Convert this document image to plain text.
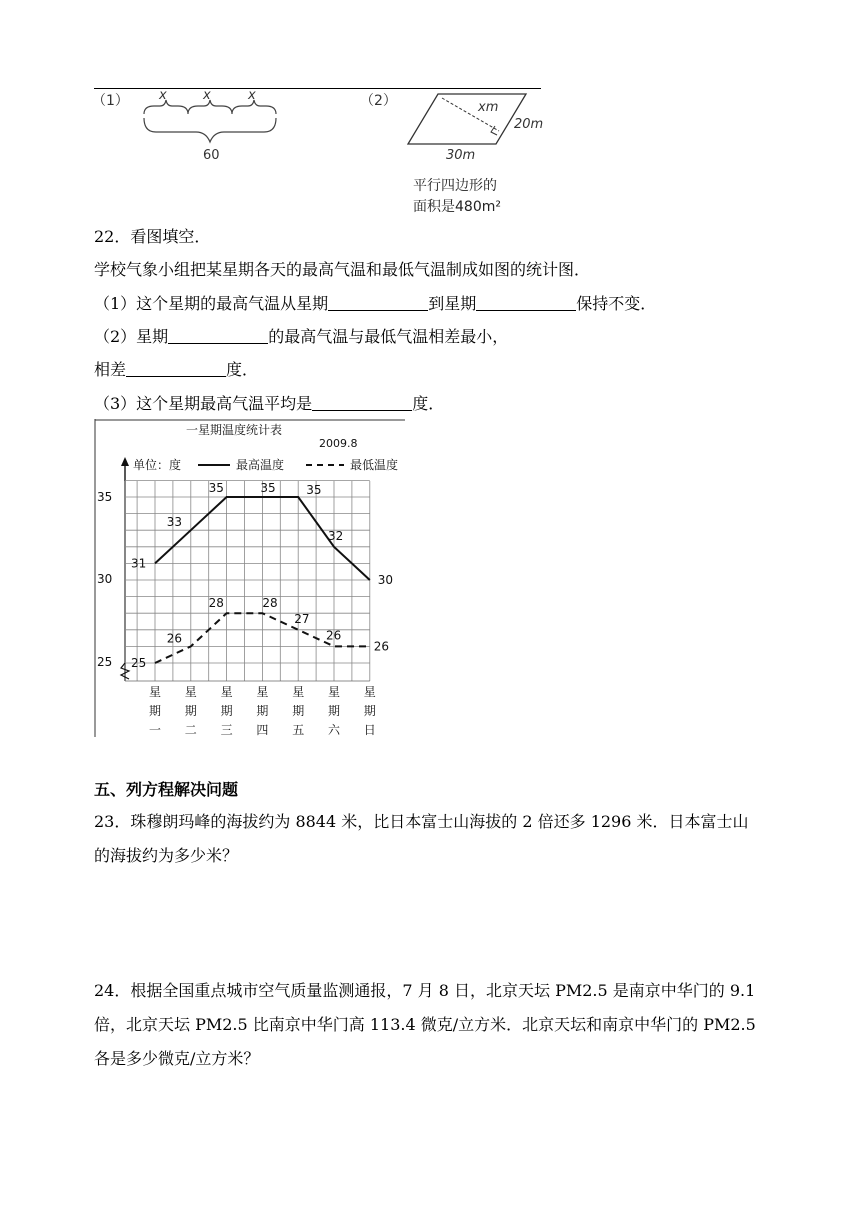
（1） x	x	x
60
（2）	xm
20m
30m
平行四边形的
面积是480m²
22．看图填空．
学校气象小组把某星期各天的最高气温和最低气温制成如图的统计图．
（1）这个星期的最高气温从星期	到星期	保持不变．
（2）星期	的最高气温与最低气温相差最小，
相差	度．
（3）这个星期最高气温平均是	度．
一星期温度统计表
2009.8
单位：度	最高温度	最低温度
25
30
35
31
33
35	35	35
32
30
25
26
28	28
27
26
26
星
期
一
星
期
二
星
期
三
星
期
四
星
期
五
星
期
六
星
期
日
五、列方程解决问题
23．珠穆朗玛峰的海拔约为 8844 米，比日本富士山海拔的 2 倍还多 1296 米．日本富士山
的海拔约为多少米？
24．根据全国重点城市空气质量监测通报，7 月 8 日，北京天坛 PM2.5 是南京中华门的 9.1
倍，北京天坛 PM2.5 比南京中华门高 113.4 微克/立方米．北京天坛和南京中华门的 PM2.5
各是多少微克/立方米？
